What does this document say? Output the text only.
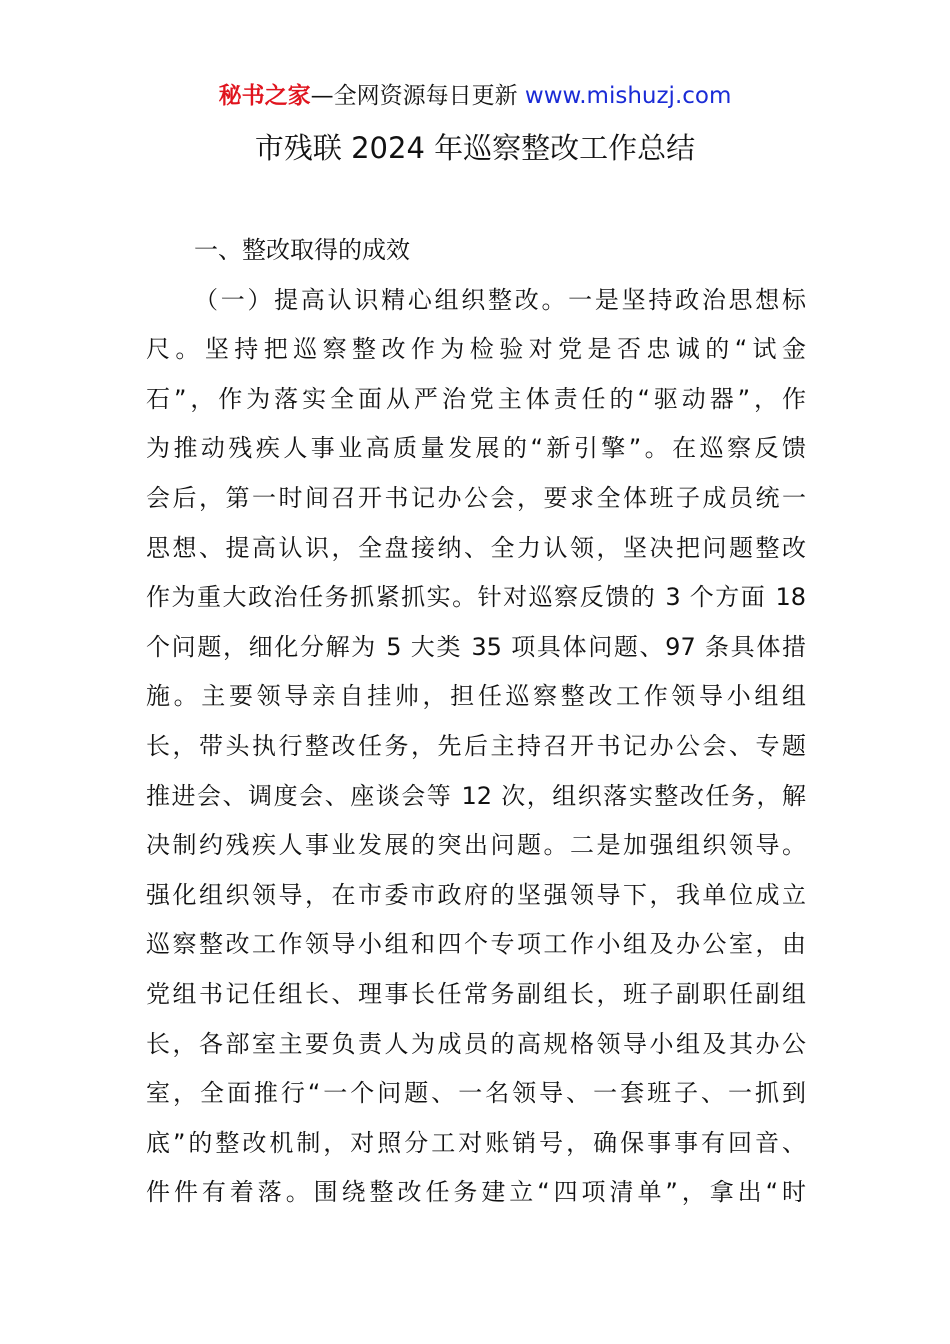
秘书之家—全网资源每日更新 www.mishuzj.com
市残联 2024 年巡察整改工作总结
一、整改取得的成效
（一）提高认识精心组织整改。一是坚持政治思想标
尺。坚持把巡察整改作为检验对党是否忠诚的“试金
石”，作为落实全面从严治党主体责任的“驱动器”，作
为推动残疾人事业高质量发展的“新引擎”。在巡察反馈
会后，第一时间召开书记办公会，要求全体班子成员统一
思想、提高认识，全盘接纳、全力认领，坚决把问题整改
作为重大政治任务抓紧抓实。针对巡察反馈的 3 个方面 18
个问题，细化分解为 5 大类 35 项具体问题、97 条具体措
施。主要领导亲自挂帅，担任巡察整改工作领导小组组
长，带头执行整改任务，先后主持召开书记办公会、专题
推进会、调度会、座谈会等 12 次，组织落实整改任务，解
决制约残疾人事业发展的突出问题。二是加强组织领导。
强化组织领导，在市委市政府的坚强领导下，我单位成立
巡察整改工作领导小组和四个专项工作小组及办公室，由
党组书记任组长、理事长任常务副组长，班子副职任副组
长，各部室主要负责人为成员的高规格领导小组及其办公
室，全面推行“一个问题、一名领导、一套班子、一抓到
底”的整改机制，对照分工对账销号，确保事事有回音、
件件有着落。围绕整改任务建立“四项清单”，拿出“时
